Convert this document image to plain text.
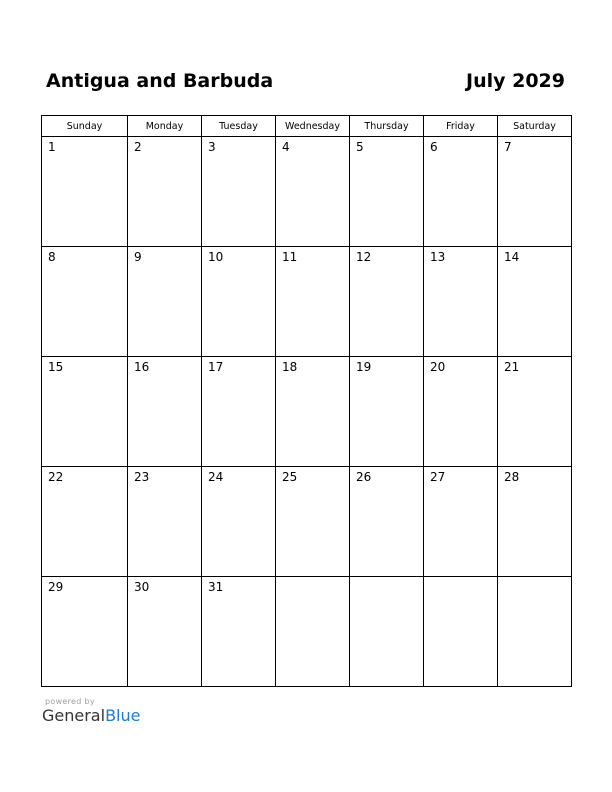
Antigua and Barbuda	July 2029
Sunday	Monday	Tuesday	Wednesday	Thursday	Friday	Saturday

1	2	3	4	5	6	7

8	9	10	11	12	13	14

15	16	17	18	19	20	21

22	23	24	25	26	27	28

29	30	31				

powered by
GeneralBlue
